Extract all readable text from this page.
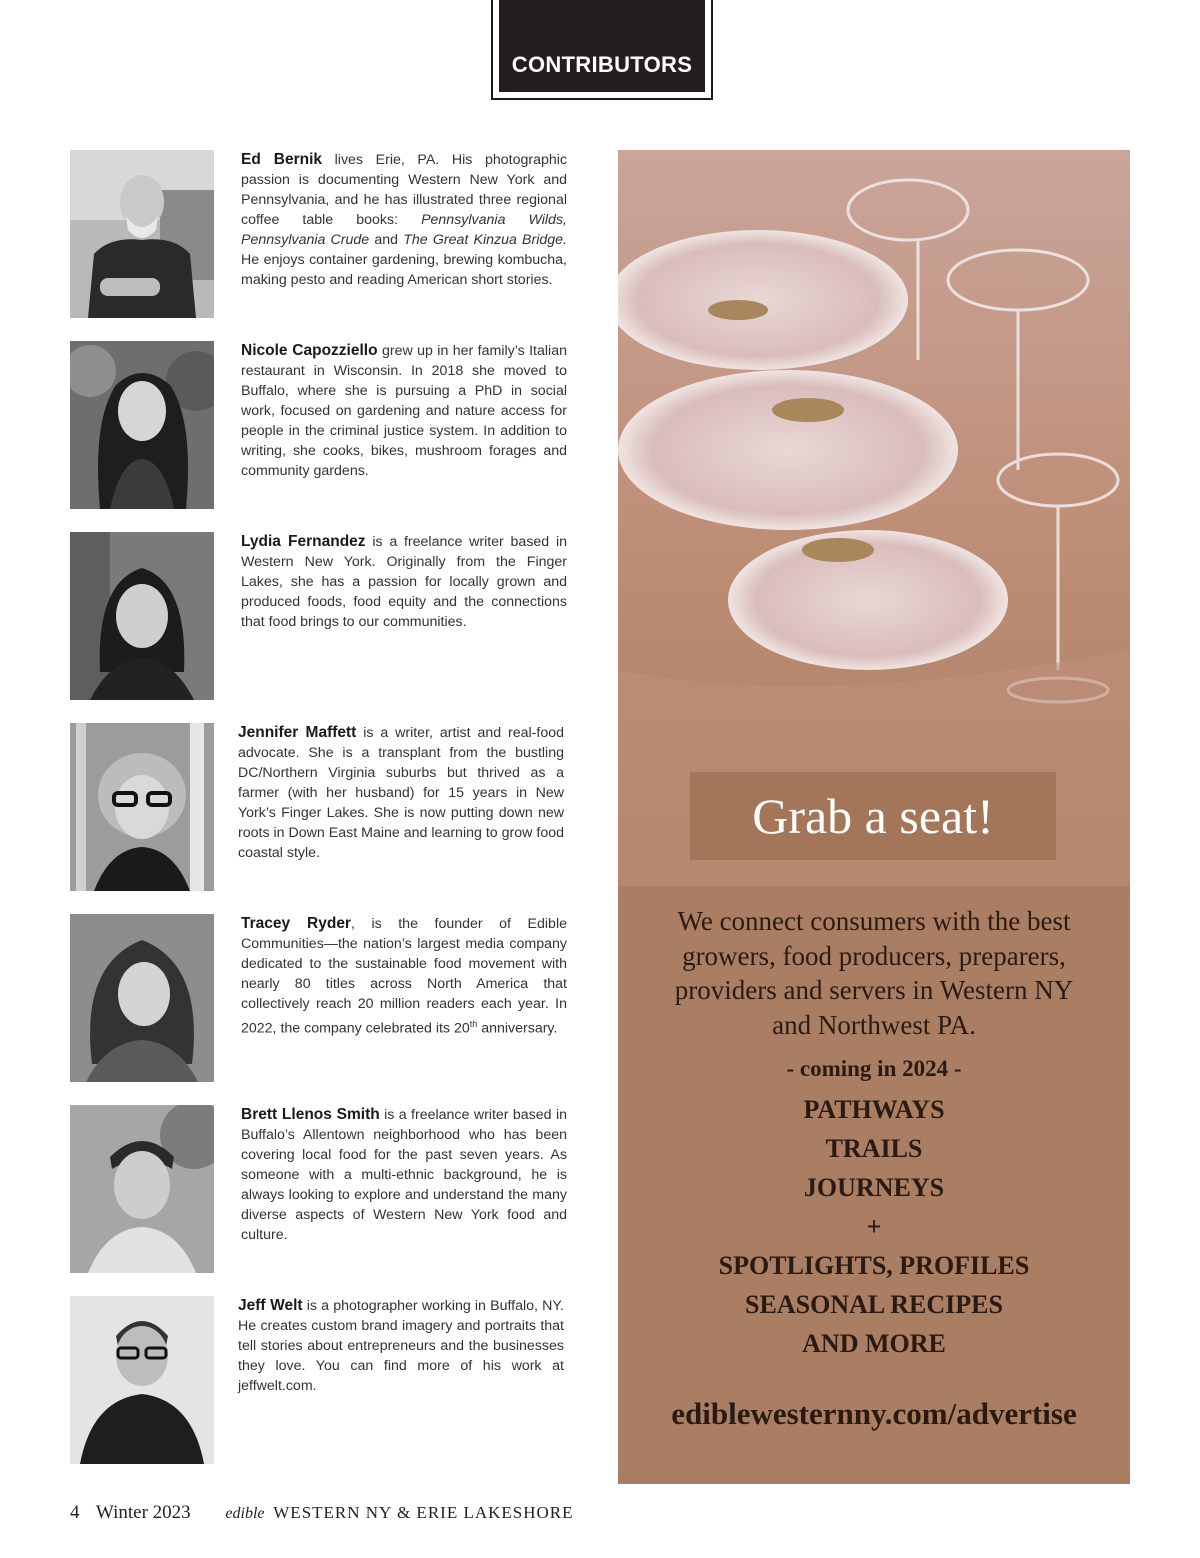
CONTRIBUTORS
Ed Bernik lives Erie, PA. His photographic passion is documenting Western New York and Pennsylvania, and he has illustrated three regional coffee table books: Pennsylvania Wilds, Pennsylvania Crude and The Great Kinzua Bridge. He enjoys container gardening, brewing kombucha, making pesto and reading American short stories.
Nicole Capozziello grew up in her family’s Italian restaurant in Wisconsin. In 2018 she moved to Buffalo, where she is pursuing a PhD in social work, focused on gardening and nature access for people in the criminal justice system. In addition to writing, she cooks, bikes, mushroom forages and community gardens.
Lydia Fernandez is a freelance writer based in Western New York. Originally from the Finger Lakes, she has a passion for locally grown and produced foods, food equity and the connections that food brings to our communities.
Jennifer Maffett is a writer, artist and real-food advocate. She is a transplant from the bustling DC/Northern Virginia suburbs but thrived as a farmer (with her husband) for 15 years in New York’s Finger Lakes. She is now putting down new roots in Down East Maine and learning to grow food coastal style.
Tracey Ryder, is the founder of Edible Communities—the nation’s largest media company dedicated to the sustainable food movement with nearly 80 titles across North America that collectively reach 20 million readers each year. In 2022, the company celebrated its 20th anniversary.
Brett Llenos Smith is a freelance writer based in Buffalo’s Allentown neighborhood who has been covering local food for the past seven years. As someone with a multi-ethnic background, he is always looking to explore and understand the many diverse aspects of Western New York food and culture.
Jeff Welt is a photographer working in Buffalo, NY. He creates custom brand imagery and portraits that tell stories about entrepreneurs and the businesses they love. You can find more of his work at jeffwelt.com.
Grab a seat!
We connect consumers with the best growers, food producers, preparers, providers and servers in Western NY and Northwest PA.
- coming in 2024 -
PATHWAYS
TRAILS
JOURNEYS
+
SPOTLIGHTS, PROFILES
SEASONAL RECIPES
AND MORE
ediblewesternny.com/advertise
4 Winter 2023 edible WESTERN NY & ERIE LAKESHORE
